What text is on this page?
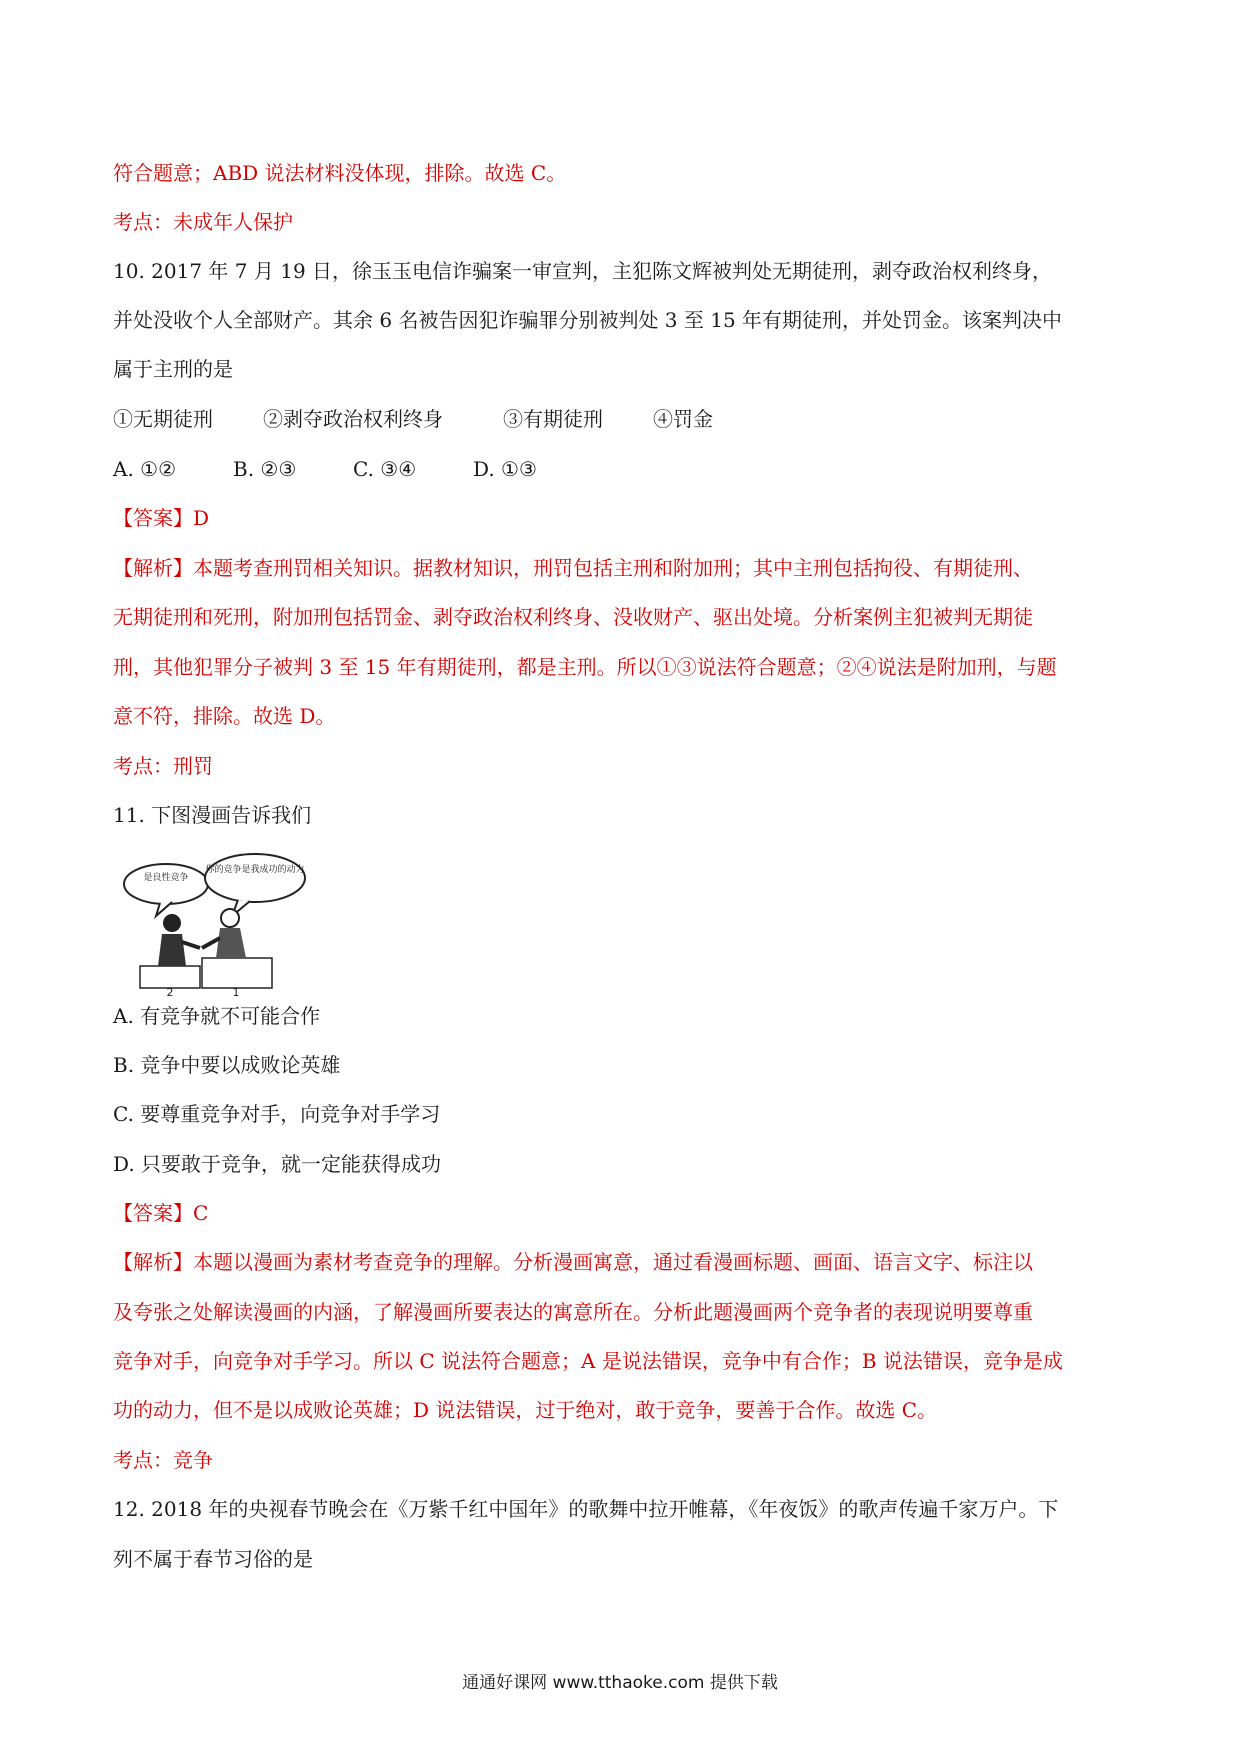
符合题意；ABD 说法材料没体现，排除。故选 C。
考点：未成年人保护
10. 2017 年 7 月 19 日，徐玉玉电信诈骗案一审宣判，主犯陈文辉被判处无期徒刑，剥夺政治权利终身，
并处没收个人全部财产。其余 6 名被告因犯诈骗罪分别被判处 3 至 15 年有期徒刑，并处罚金。该案判决中
属于主刑的是
①无期徒刑	②剥夺政治权利终身	③有期徒刑	④罚金
A. ①②	B. ②③	C. ③④	D. ①③
【答案】D
【解析】本题考查刑罚相关知识。据教材知识，刑罚包括主刑和附加刑；其中主刑包括拘役、有期徒刑、
无期徒刑和死刑，附加刑包括罚金、剥夺政治权利终身、没收财产、驱出处境。分析案例主犯被判无期徒
刑，其他犯罪分子被判 3 至 15 年有期徒刑，都是主刑。所以①③说法符合题意；②④说法是附加刑，与题
意不符，排除。故选 D。
考点：刑罚
11. 下图漫画告诉我们
是良性竞争
你的竞争是我成功的动力
2	1
A. 有竞争就不可能合作
B. 竞争中要以成败论英雄
C. 要尊重竞争对手，向竞争对手学习
D. 只要敢于竞争，就一定能获得成功
【答案】C
【解析】本题以漫画为素材考查竞争的理解。分析漫画寓意，通过看漫画标题、画面、语言文字、标注以
及夸张之处解读漫画的内涵，了解漫画所要表达的寓意所在。分析此题漫画两个竞争者的表现说明要尊重
竞争对手，向竞争对手学习。所以 C 说法符合题意；A 是说法错误，竞争中有合作；B 说法错误，竞争是成
功的动力，但不是以成败论英雄；D 说法错误，过于绝对，敢于竞争，要善于合作。故选 C。
考点：竞争
12. 2018 年的央视春节晚会在《万紫千红中国年》的歌舞中拉开帷幕，《年夜饭》的歌声传遍千家万户。下
列不属于春节习俗的是
通通好课网 www.tthaoke.com 提供下载
